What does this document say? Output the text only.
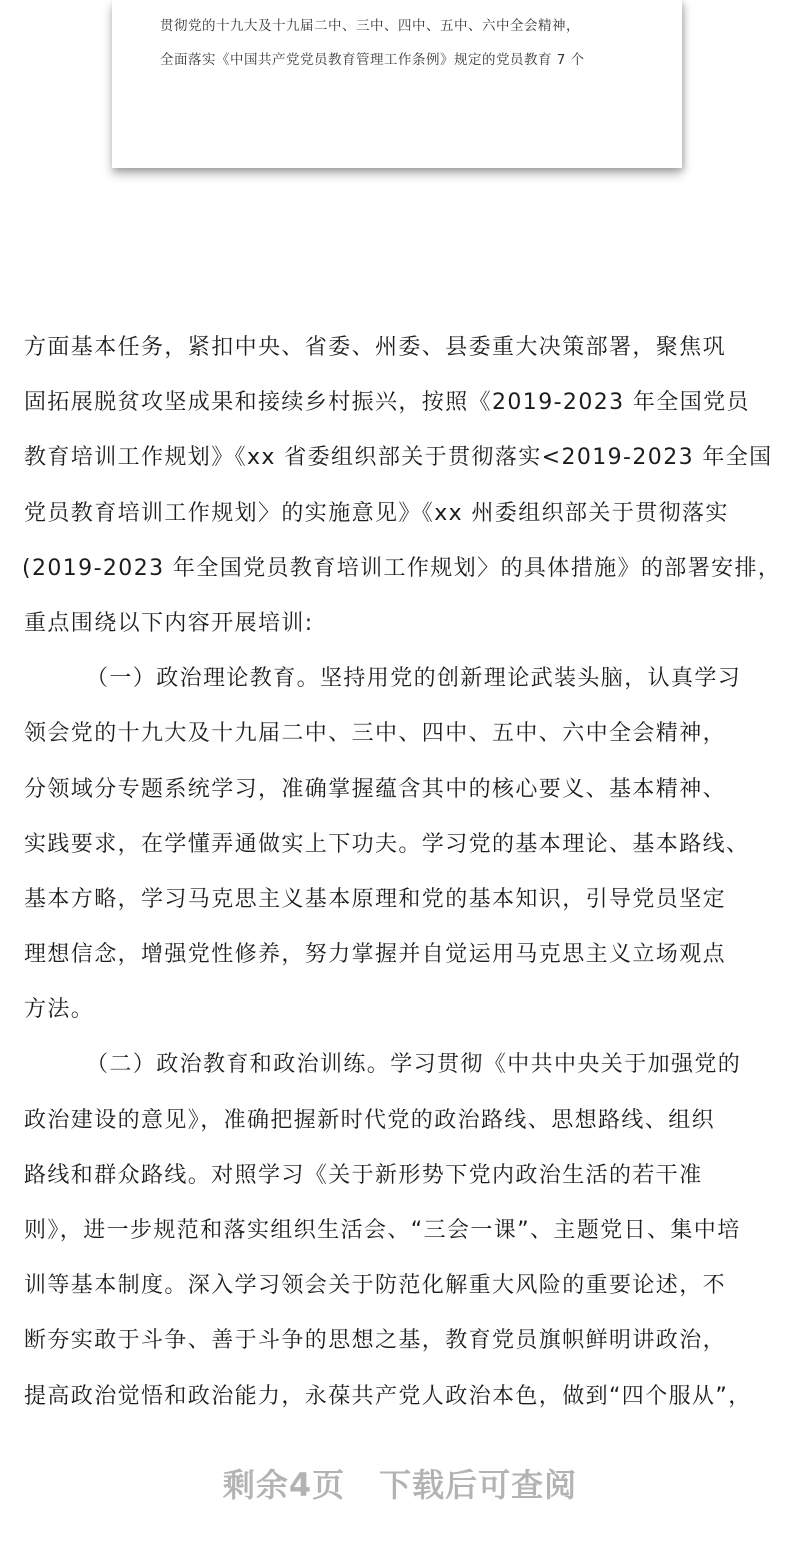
贯彻党的十九大及十九届二中、三中、四中、五中、六中全会精神，
全面落实《中国共产党党员教育管理工作条例》规定的党员教育 7 个
方面基本任务，紧扣中央、省委、州委、县委重大决策部署，聚焦巩
固拓展脱贫攻坚成果和接续乡村振兴，按照《2019-2023 年全国党员
教育培训工作规划》《xx 省委组织部关于贯彻落实<2019-2023 年全国
党员教育培训工作规划〉的实施意见》《xx 州委组织部关于贯彻落实
(2019-2023 年全国党员教育培训工作规划〉的具体措施》的部署安排，
重点围绕以下内容开展培训:
（一）政治理论教育。坚持用党的创新理论武装头脑，认真学习
领会党的十九大及十九届二中、三中、四中、五中、六中全会精神，
分领域分专题系统学习，准确掌握蕴含其中的核心要义、基本精神、
实践要求，在学懂弄通做实上下功夫。学习党的基本理论、基本路线、
基本方略，学习马克思主义基本原理和党的基本知识，引导党员坚定
理想信念，增强党性修养，努力掌握并自觉运用马克思主义立场观点
方法。
（二）政治教育和政治训练。学习贯彻《中共中央关于加强党的
政治建设的意见》，准确把握新时代党的政治路线、思想路线、组织
路线和群众路线。对照学习《关于新形势下党内政治生活的若干准
则》，进一步规范和落实组织生活会、“三会一课”、主题党日、集中培
训等基本制度。深入学习领会关于防范化解重大风险的重要论述，不
断夯实敢于斗争、善于斗争的思想之基，教育党员旗帜鲜明讲政治，
提高政治觉悟和政治能力，永葆共产党人政治本色，做到“四个服从”，
剩余4页 下载后可查阅
